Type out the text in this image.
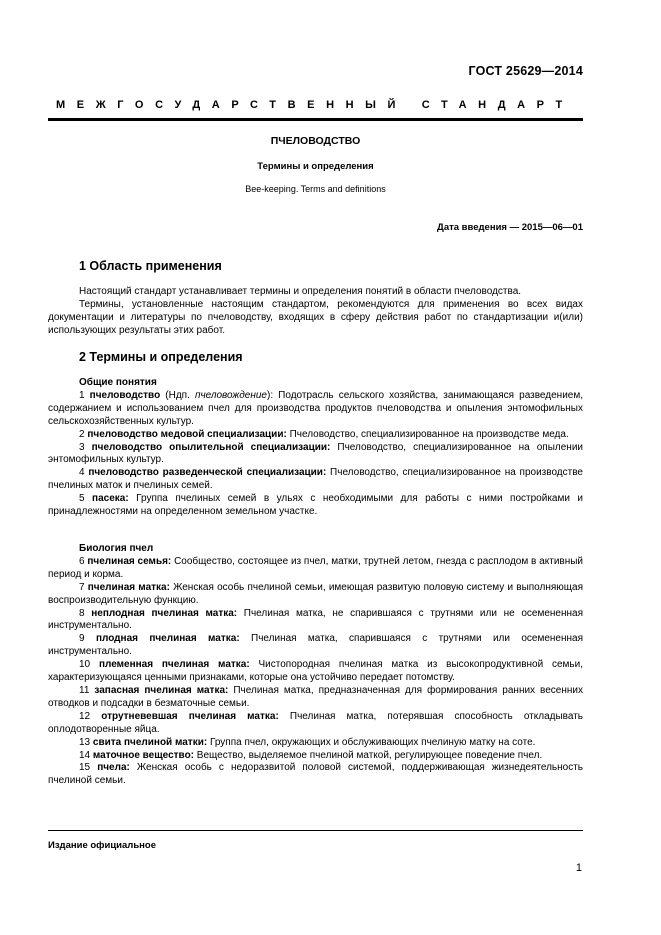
ГОСТ 25629—2014
МЕЖГОСУДАРСТВЕННЫЙ СТАНДАРТ
ПЧЕЛОВОДСТВО
Термины и определения
Bee-keeping. Terms and definitions
Дата введения — 2015—06—01
1 Область применения

Настоящий стандарт устанавливает термины и определения понятий в области пчеловодства.

Термины, установленные настоящим стандартом, рекомендуются для применения во всех видах документации и литературы по пчеловодству, входящих в сферу действия работ по стандартизации и(или) использующих результаты этих работ.

2 Термины и определения

Общие понятия

1 пчеловодство (Ндп. пчеловождение): Подотрасль сельского хозяйства, занимающаяся разведением, содержанием и использованием пчел для производства продуктов пчеловодства и опыления энтомофильных сельскохозяйственных культур.

2 пчеловодство медовой специализации: Пчеловодство, специализированное на производстве меда.

3 пчеловодство опылительной специализации: Пчеловодство, специализированное на опылении энтомофильных культур.

4 пчеловодство разведенческой специализации: Пчеловодство, специализированное на производстве пчелиных маток и пчелиных семей.

5 пасека: Группа пчелиных семей в ульях с необходимыми для работы с ними постройками и принадлежностями на определенном земельном участке.

Биология пчел

6 пчелиная семья: Сообщество, состоящее из пчел, матки, трутней летом, гнезда с расплодом в активный период и корма.

7 пчелиная матка: Женская особь пчелиной семьи, имеющая развитую половую систему и выполняющая воспроизводительную функцию.

8 неплодная пчелиная матка: Пчелиная матка, не спарившаяся с трутнями или не осемененная инструментально.

9 плодная пчелиная матка: Пчелиная матка, спарившаяся с трутнями или осемененная инструментально.

10 племенная пчелиная матка: Чистопородная пчелиная матка из высокопродуктивной семьи, характеризующаяся ценными признаками, которые она устойчиво передает потомству.

11 запасная пчелиная матка: Пчелиная матка, предназначенная для формирования ранних весенних отводков и подсадки в безматочные семьи.

12 отрутневевшая пчелиная матка: Пчелиная матка, потерявшая способность откладывать оплодотворенные яйца.

13 свита пчелиной матки: Группа пчел, окружающих и обслуживающих пчелиную матку на соте.

14 маточное вещество: Вещество, выделяемое пчелиной маткой, регулирующее поведение пчел.

15 пчела: Женская особь с недоразвитой половой системой, поддерживающая жизнедеятельность пчелиной семьи.

Издание официальное
1
